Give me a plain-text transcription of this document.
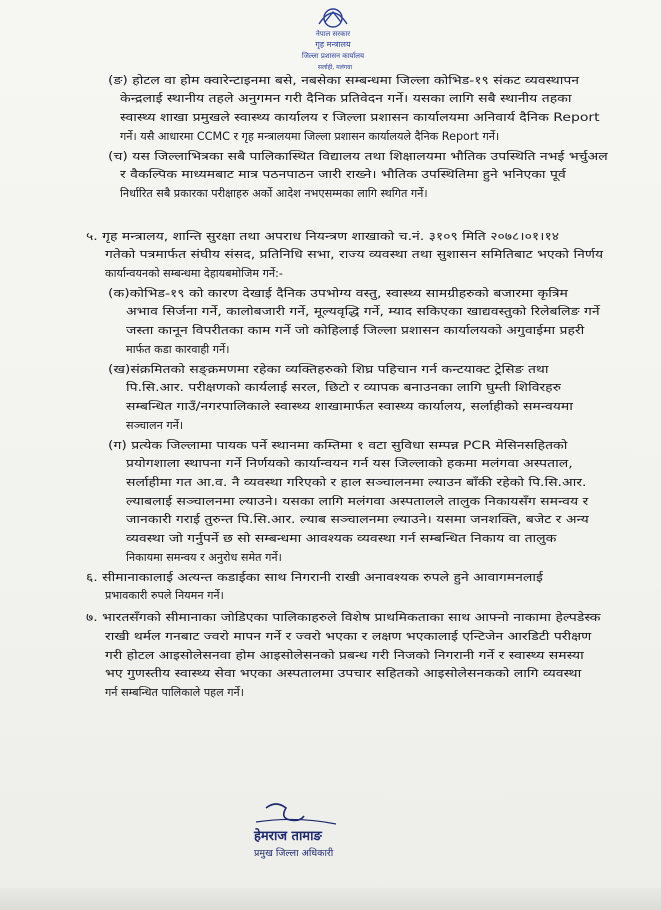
नेपाल सरकार
गृह मन्त्रालय
जिल्ला प्रशासन कार्यालय
सर्लाही, मलंगवा
(ङ) होटल वा होम क्वारेन्टाइनमा बसे, नबसेका सम्बन्धमा जिल्ला कोभिड-१९ संकट व्यवस्थापन
केन्द्रलाई स्थानीय तहले अनुगमन गरी दैनिक प्रतिवेदन गर्ने। यसका लागि सबै स्थानीय तहका
स्वास्थ्य शाखा प्रमुखले स्वास्थ्य कार्यालय र जिल्ला प्रशासन कार्यालयमा अनिवार्य दैनिक Report
गर्ने। यसै आधारमा CCMC र गृह मन्त्रालयमा जिल्ला प्रशासन कार्यालयले दैनिक Report गर्ने।
(च) यस जिल्लाभित्रका सबै पालिकास्थित विद्यालय तथा शिक्षालयमा भौतिक उपस्थिति नभई भर्चुअल
र वैकल्पिक माध्यमबाट मात्र पठनपाठन जारी राख्ने। भौतिक उपस्थितिमा हुने भनिएका पूर्व
निर्धारित सबै प्रकारका परीक्षाहरु अर्को आदेश नभएसम्मका लागि स्थगित गर्ने।
५. गृह मन्त्रालय, शान्ति सुरक्षा तथा अपराध नियन्त्रण शाखाको च.नं. ३१०९ मिति २०७८।०१।१४
गतेको पत्रमार्फत संघीय संसद, प्रतिनिधि सभा, राज्य व्यवस्था तथा सुशासन समितिबाट भएको निर्णय
कार्यान्वयनको सम्बन्धमा देहायबमोजिम गर्ने:-
(क)कोभिड-१९ को कारण देखाई दैनिक उपभोग्य वस्तु, स्वास्थ्य सामग्रीहरुको बजारमा कृत्रिम
अभाव सिर्जना गर्ने, कालोबजारी गर्ने, मूल्यवृद्धि गर्ने, म्याद सकिएका खाद्यवस्तुको रिलेबलिङ गर्ने
जस्ता कानून विपरीतका काम गर्ने जो कोहिलाई जिल्ला प्रशासन कार्यालयको अगुवाईमा प्रहरी
मार्फत कडा कारवाही गर्ने।
(ख)संक्रमितको सङ्क्रमणमा रहेका व्यक्तिहरुको शिघ्र पहिचान गर्न कन्टयाक्ट ट्रेसिङ तथा
पि.सि.आर. परीक्षणको कार्यलाई सरल, छिटो र व्यापक बनाउनका लागि घुम्ती शिविरहरु
सम्बन्धित गाउँ/नगरपालिकाले स्वास्थ्य शाखामार्फत स्वास्थ्य कार्यालय, सर्लाहीको समन्वयमा
सञ्चालन गर्ने।
(ग) प्रत्येक जिल्लामा पायक पर्ने स्थानमा कम्तिमा १ वटा सुविधा सम्पन्न PCR मेसिनसहितको
प्रयोगशाला स्थापना गर्ने निर्णयको कार्यान्वयन गर्न यस जिल्लाको हकमा मलंगवा अस्पताल,
सर्लाहीमा गत आ.व. नै व्यवस्था गरिएको र हाल सञ्चालनमा ल्याउन बाँकी रहेको पि.सि.आर.
ल्याबलाई सञ्चालनमा ल्याउने। यसका लागि मलंगवा अस्पतालले तालुक निकायसँग समन्वय र
जानकारी गराई तुरुन्त पि.सि.आर. ल्याब सञ्चालनमा ल्याउने। यसमा जनशक्ति, बजेट र अन्य
व्यवस्था जो गर्नुपर्ने छ सो सम्बन्धमा आवश्यक व्यवस्था गर्न सम्बन्धित निकाय वा तालुक
निकायमा समन्वय र अनुरोध समेत गर्ने।
६. सीमानाकालाई अत्यन्त कडाईका साथ निगरानी राखी अनावश्यक रुपले हुने आवागमनलाई
प्रभावकारी रुपले नियमन गर्ने।
७. भारतसँगको सीमानाका जोडिएका पालिकाहरुले विशेष प्राथमिकताका साथ आफ्नो नाकामा हेल्पडेस्क
राखी थर्मल गनबाट ज्वरो मापन गर्ने र ज्वरो भएका र लक्षण भएकालाई एन्टिजेन आरडिटी परीक्षण
गरी होटल आइसोलेसनवा होम आइसोलेसनको प्रबन्ध गरी निजको निगरानी गर्ने र स्वास्थ्य समस्या
भए गुणस्तीय स्वास्थ्य सेवा भएका अस्पतालमा उपचार सहितको आइसोलेसनकको लागि व्यवस्था
गर्न सम्बन्धित पालिकाले पहल गर्ने।
हेमराज तामाङ
प्रमुख जिल्ला अधिकारी
